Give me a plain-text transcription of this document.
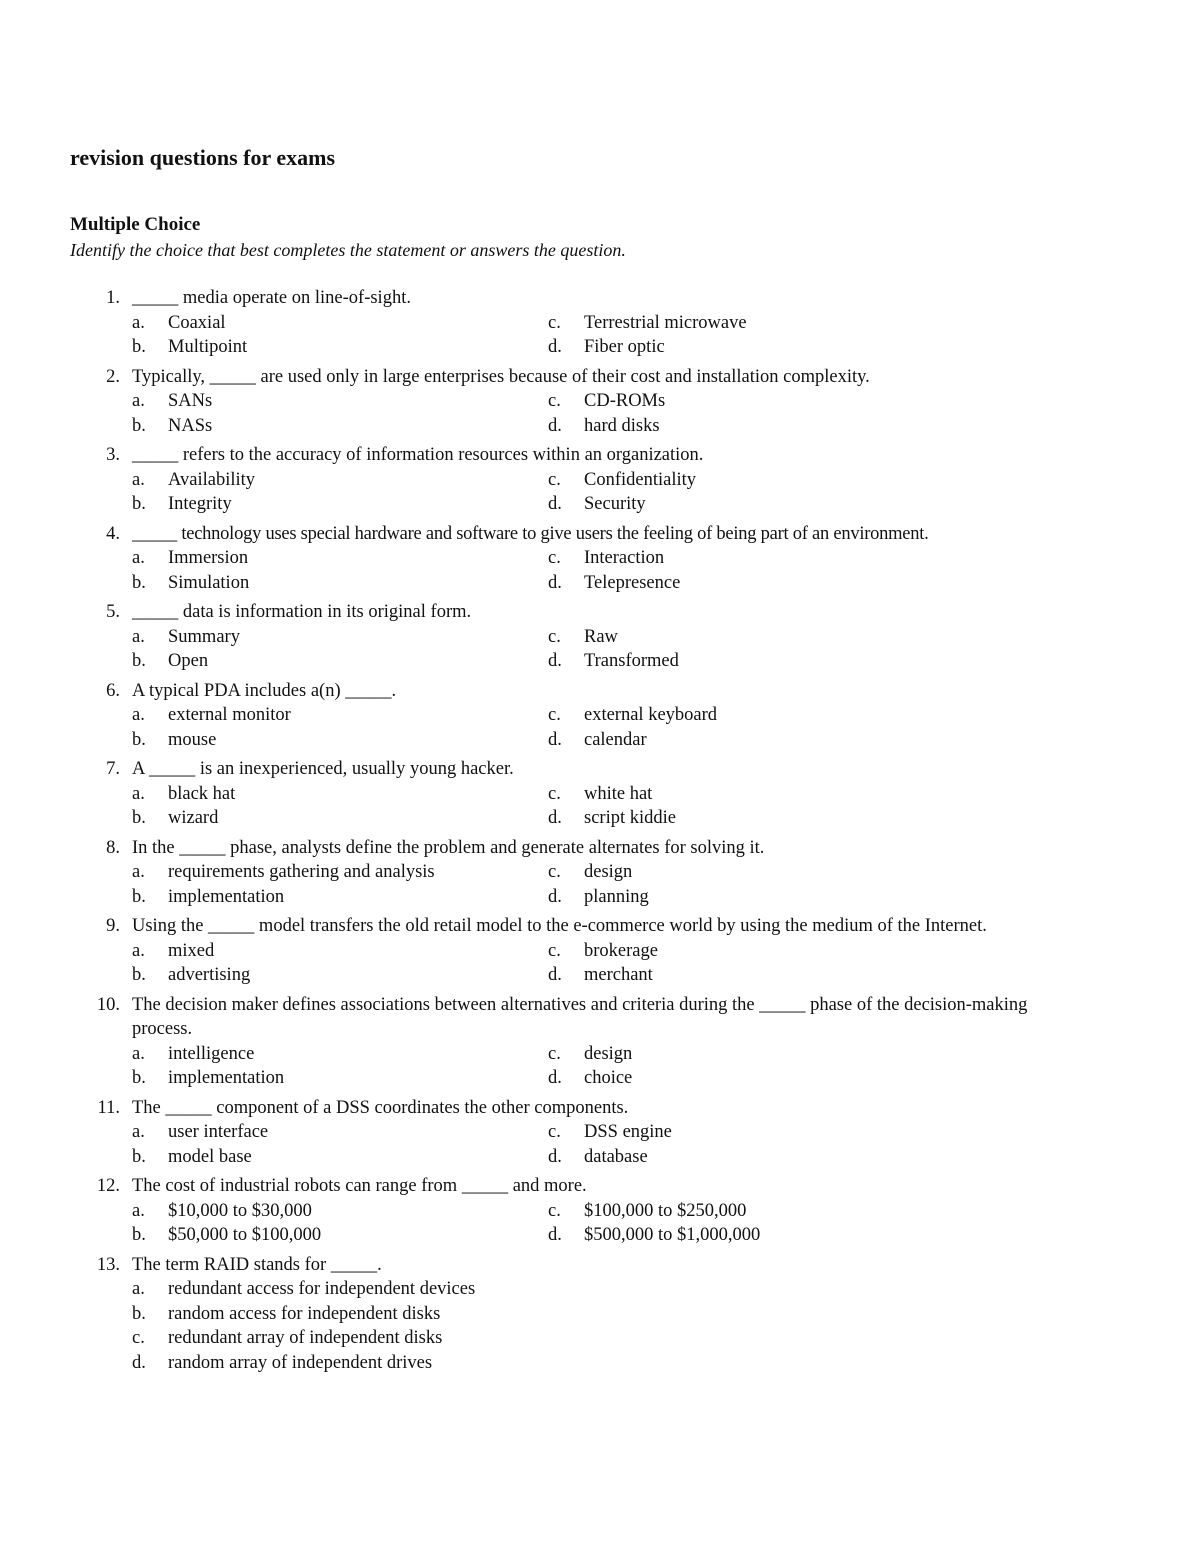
revision questions for exams
Multiple Choice
Identify the choice that best completes the statement or answers the question.
1. _____ media operate on line-of-sight.
a. Coaxial	c. Terrestrial microwave
b. Multipoint	d. Fiber optic
2. Typically, _____ are used only in large enterprises because of their cost and installation complexity.
a. SANs	c. CD-ROMs
b. NASs	d. hard disks
3. _____ refers to the accuracy of information resources within an organization.
a. Availability	c. Confidentiality
b. Integrity	d. Security
4. _____ technology uses special hardware and software to give users the feeling of being part of an environment.
a. Immersion	c. Interaction
b. Simulation	d. Telepresence
5. _____ data is information in its original form.
a. Summary	c. Raw
b. Open	d. Transformed
6. A typical PDA includes a(n) _____.
a. external monitor	c. external keyboard
b. mouse	d. calendar
7. A _____ is an inexperienced, usually young hacker.
a. black hat	c. white hat
b. wizard	d. script kiddie
8. In the _____ phase, analysts define the problem and generate alternates for solving it.
a. requirements gathering and analysis	c. design
b. implementation	d. planning
9. Using the _____ model transfers the old retail model to the e-commerce world by using the medium of the Internet.
a. mixed	c. brokerage
b. advertising	d. merchant
10. The decision maker defines associations between alternatives and criteria during the _____ phase of the decision-making process.
a. intelligence	c. design
b. implementation	d. choice
11. The _____ component of a DSS coordinates the other components.
a. user interface	c. DSS engine
b. model base	d. database
12. The cost of industrial robots can range from _____ and more.
a. $10,000 to $30,000	c. $100,000 to $250,000
b. $50,000 to $100,000	d. $500,000 to $1,000,000
13. The term RAID stands for _____.
a. redundant access for independent devices
b. random access for independent disks
c. redundant array of independent disks
d. random array of independent drives
